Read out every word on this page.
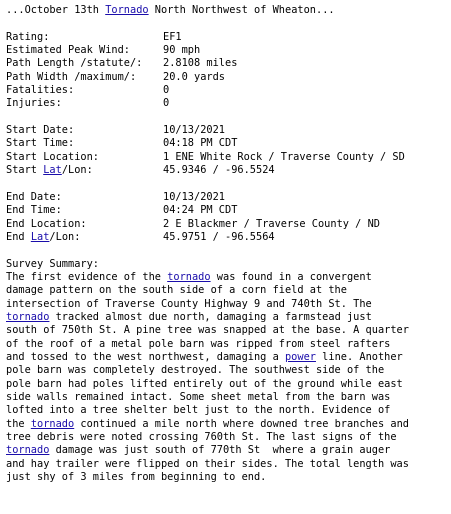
...October 13th Tornado North Northwest of Wheaton...
Rating:	EF1
Estimated Peak Wind:	90 mph
Path Length /statute/: 2.8108 miles
Path Width /maximum/:	20.0 yards
Fatalities:	0
Injuries:	0
Start Date:	10/13/2021
Start Time:	04:18 PM CDT
Start Location:	1 ENE White Rock / Traverse County / SD
Start Lat/Lon:	45.9346 / -96.5524
End Date:	10/13/2021
End Time:	04:24 PM CDT
End Location:	2 E Blackmer / Traverse County / ND
End Lat/Lon:	45.9751 / -96.5564
Survey Summary:
The first evidence of the tornado was found in a convergent
damage pattern on the south side of a corn field at the
intersection of Traverse County Highway 9 and 740th St. The
tornado tracked almost due north, damaging a farmstead just
south of 750th St. A pine tree was snapped at the base. A quarter
of the roof of a metal pole barn was ripped from steel rafters
and tossed to the west northwest, damaging a power line. Another
pole barn was completely destroyed. The southwest side of the
pole barn had poles lifted entirely out of the ground while east
side walls remained intact. Some sheet metal from the barn was
lofted into a tree shelter belt just to the north. Evidence of
the tornado continued a mile north where downed tree branches and
tree debris were noted crossing 760th St. The last signs of the
tornado damage was just south of 770th St  where a grain auger
and hay trailer were flipped on their sides. The total length was
just shy of 3 miles from beginning to end.
